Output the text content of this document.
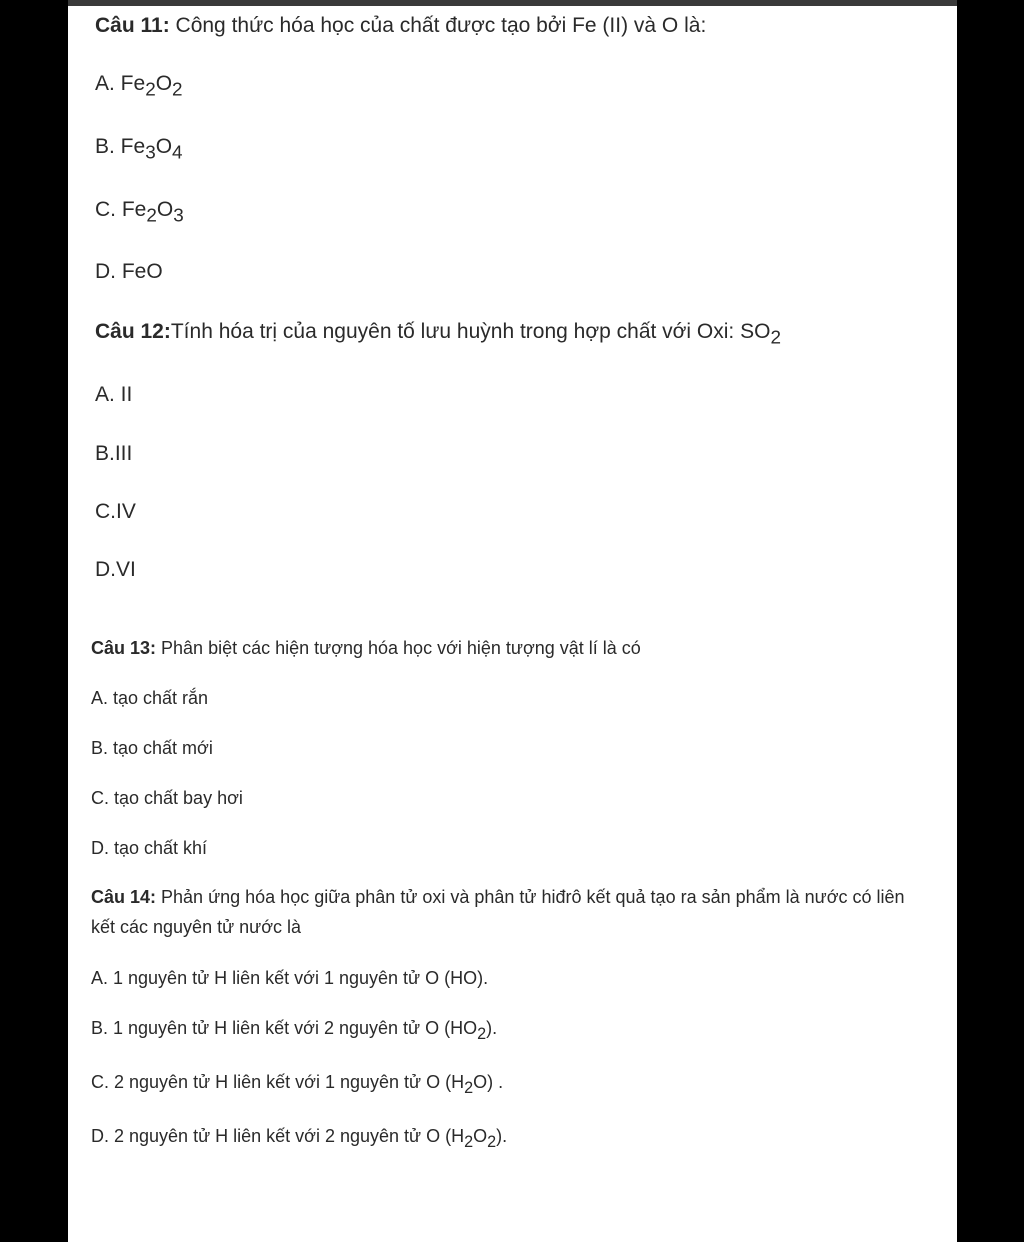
Câu 11: Công thức hóa học của chất được tạo bởi Fe (II) và O là:
A. $Fe_2O_2$
B. $Fe_3O_4$
C. $Fe_2O_3$
D. FeO
Câu 12:Tính hóa trị của nguyên tố lưu huỳnh trong hợp chất với Oxi: $SO_2$
A. II
B.III
C.IV
D.VI
Câu 13: Phân biệt các hiện tượng hóa học với hiện tượng vật lí là có
A. tạo chất rắn
B. tạo chất mới
C. tạo chất bay hơi
D. tạo chất khí
Câu 14: Phản ứng hóa học giữa phân tử oxi và phân tử hiđrô kết quả tạo ra sản phẩm là nước có liên kết các nguyên tử nước là
A. 1 nguyên tử H liên kết với 1 nguyên tử O (HO).
B. 1 nguyên tử H liên kết với 2 nguyên tử O $(HO_2)$.
C. 2 nguyên tử H liên kết với 1 nguyên tử O $(H_2O)$ .
D. 2 nguyên tử H liên kết với 2 nguyên tử O $(H_2O_2)$.
